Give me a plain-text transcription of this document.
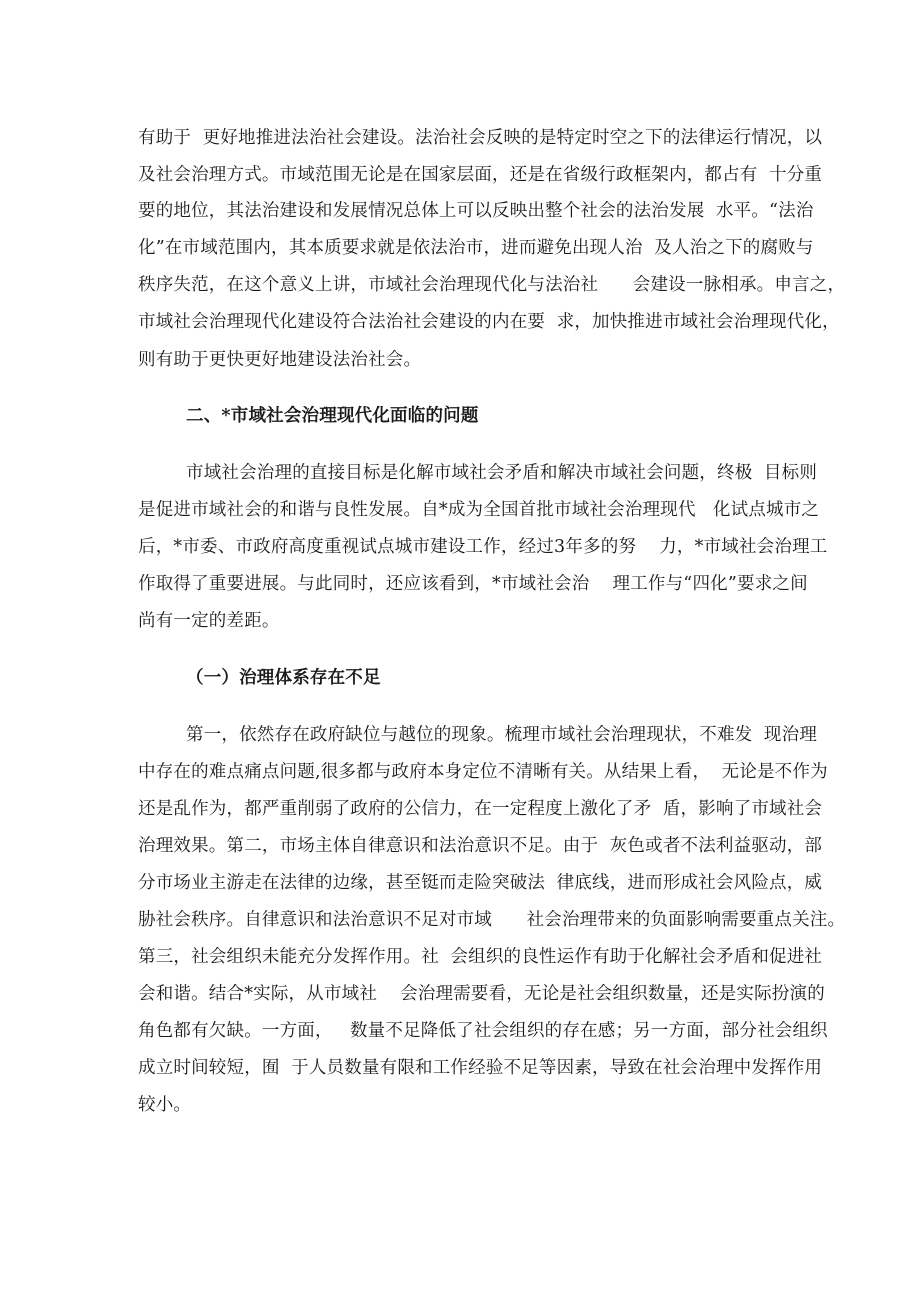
有助于  更好地推进法治社会建设。法治社会反映的是特定时空之下的法律运行情况，以
及社会治理方式。市域范围无论是在国家层面，还是在省级行政框架内，都占有  十分重
要的地位，其法治建设和发展情况总体上可以反映出整个社会的法治发展  水平。“法治
化”在市域范围内，其本质要求就是依法治市，进而避免出现人治  及人治之下的腐败与
秩序失范，在这个意义上讲，市域社会治理现代化与法治社      会建设一脉相承。申言之，
市域社会治理现代化建设符合法治社会建设的内在要  求，加快推进市域社会治理现代化，
则有助于更快更好地建设法治社会。
二、*市域社会治理现代化面临的问题
市域社会治理的直接目标是化解市域社会矛盾和解决市域社会问题，终极  目标则
是促进市域社会的和谐与良性发展。自*成为全国首批市域社会治理现代   化试点城市之
后，*市委、市政府高度重视试点城市建设工作，经过3年多的努    力，*市域社会治理工
作取得了重要进展。与此同时，还应该看到，*市域社会治    理工作与“四化”要求之间
尚有一定的差距。
（一）治理体系存在不足
第一，依然存在政府缺位与越位的现象。梳理市域社会治理现状，不难发  现治理
中存在的难点痛点问题,很多都与政府本身定位不清晰有关。从结果上看，  无论是不作为
还是乱作为，都严重削弱了政府的公信力，在一定程度上激化了矛  盾，影响了市域社会
治理效果。第二，市场主体自律意识和法治意识不足。由于  灰色或者不法利益驱动，部
分市场业主游走在法律的边缘，甚至铤而走险突破法  律底线，进而形成社会风险点，威
胁社会秩序。自律意识和法治意识不足对市域      社会治理带来的负面影响需要重点关注。
第三，社会组织未能充分发挥作用。社  会组织的良性运作有助于化解社会矛盾和促进社
会和谐。结合*实际，从市域社    会治理需要看，无论是社会组织数量，还是实际扮演的
角色都有欠缺。一方面，   数量不足降低了社会组织的存在感；另一方面，部分社会组织
成立时间较短，囿  于人员数量有限和工作经验不足等因素，导致在社会治理中发挥作用
较小。
